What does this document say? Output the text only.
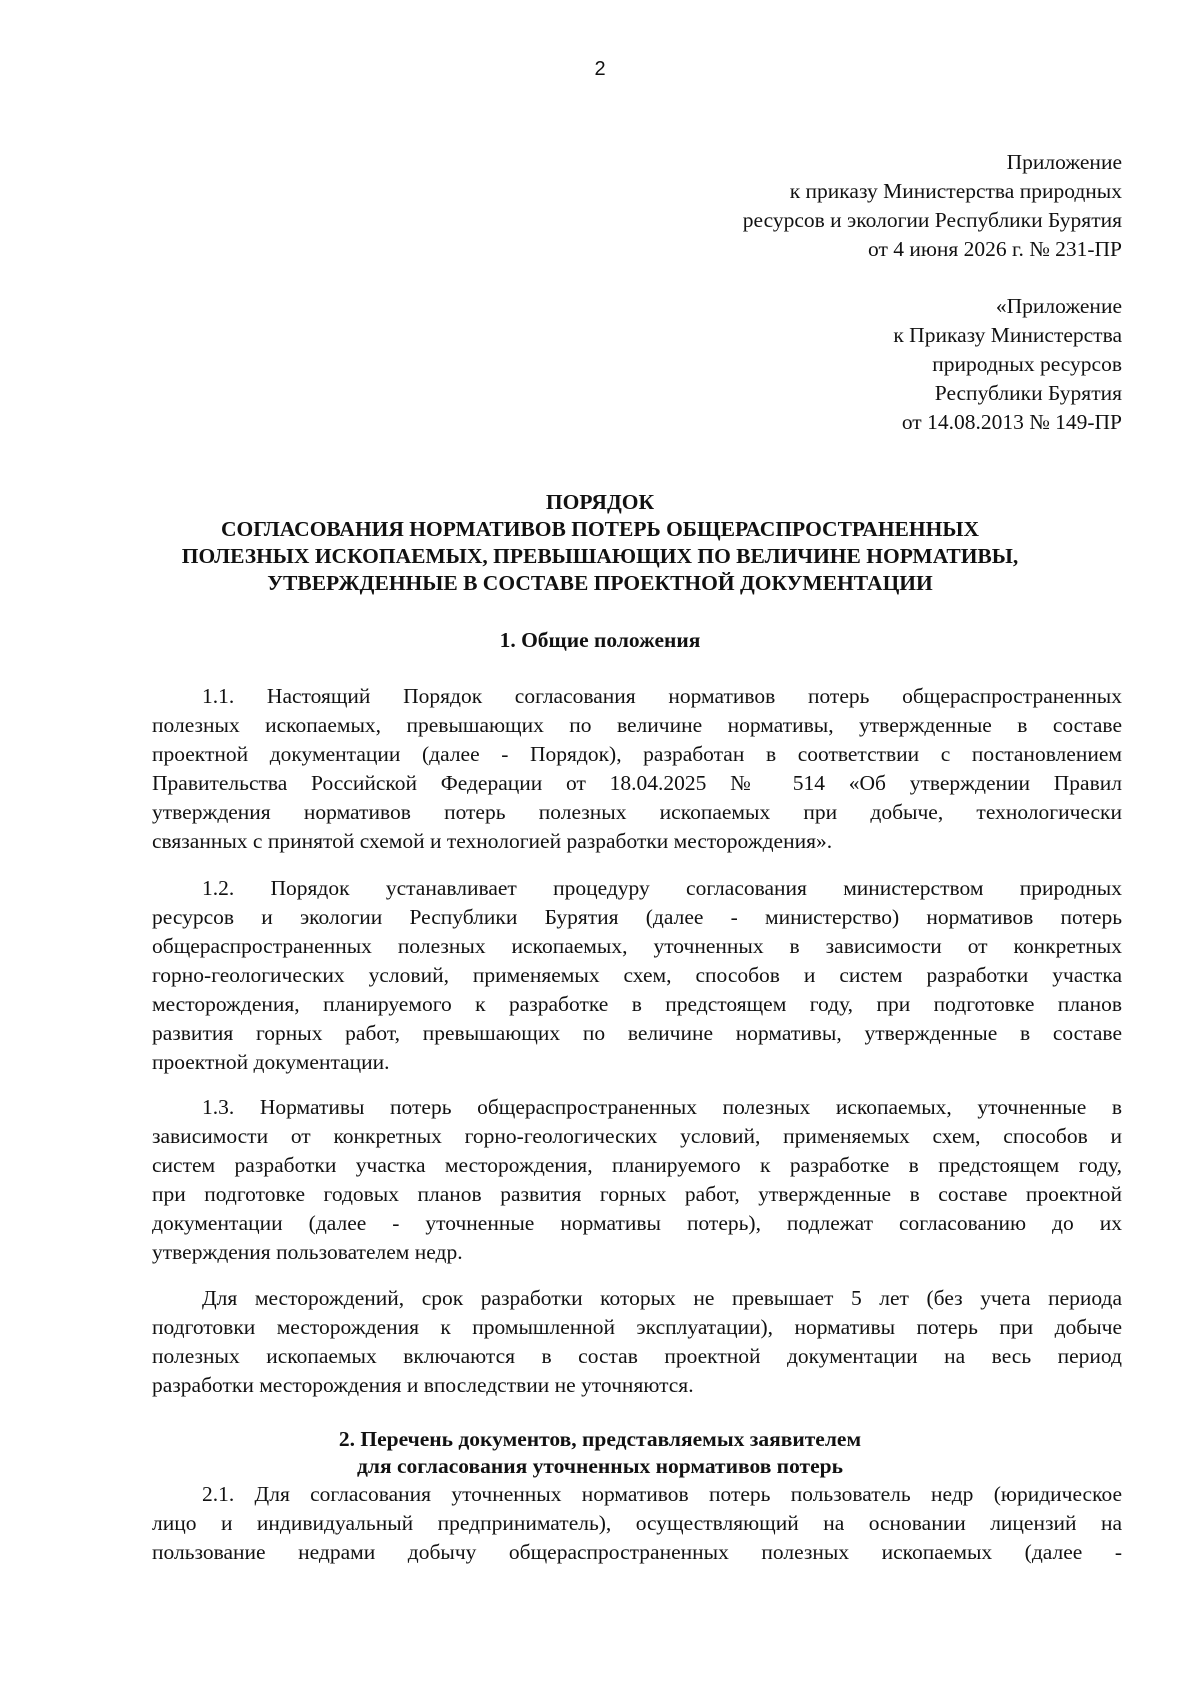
2
Приложение
к приказу Министерства природных
ресурсов и экологии Республики Бурятия
от 4 июня 2026 г. № 231-ПР
«Приложение
к Приказу Министерства
природных ресурсов
Республики Бурятия
от 14.08.2013 № 149-ПР
ПОРЯДОК
СОГЛАСОВАНИЯ НОРМАТИВОВ ПОТЕРЬ ОБЩЕРАСПРОСТРАНЕННЫХ
ПОЛЕЗНЫХ ИСКОПАЕМЫХ, ПРЕВЫШАЮЩИХ ПО ВЕЛИЧИНЕ НОРМАТИВЫ,
УТВЕРЖДЕННЫЕ В СОСТАВЕ ПРОЕКТНОЙ ДОКУМЕНТАЦИИ
1. Общие положения
1.1. Настоящий Порядок согласования нормативов потерь общераспространенных
полезных ископаемых, превышающих по величине нормативы, утвержденные в составе
проектной документации (далее - Порядок), разработан в соответствии с постановлением
Правительства Российской Федерации от 18.04.2025 № 514 «Об утверждении Правил
утверждения нормативов потерь полезных ископаемых при добыче, технологически
связанных с принятой схемой и технологией разработки месторождения».
1.2. Порядок устанавливает процедуру согласования министерством природных
ресурсов и экологии Республики Бурятия (далее - министерство) нормативов потерь
общераспространенных полезных ископаемых, уточненных в зависимости от конкретных
горно-геологических условий, применяемых схем, способов и систем разработки участка
месторождения, планируемого к разработке в предстоящем году, при подготовке планов
развития горных работ, превышающих по величине нормативы, утвержденные в составе
проектной документации.
1.3. Нормативы потерь общераспространенных полезных ископаемых, уточненные в
зависимости от конкретных горно-геологических условий, применяемых схем, способов и
систем разработки участка месторождения, планируемого к разработке в предстоящем году,
при подготовке годовых планов развития горных работ, утвержденные в составе проектной
документации (далее - уточненные нормативы потерь), подлежат согласованию до их
утверждения пользователем недр.
Для месторождений, срок разработки которых не превышает 5 лет (без учета периода
подготовки месторождения к промышленной эксплуатации), нормативы потерь при добыче
полезных ископаемых включаются в состав проектной документации на весь период
разработки месторождения и впоследствии не уточняются.
2. Перечень документов, представляемых заявителем
для согласования уточненных нормативов потерь
2.1. Для согласования уточненных нормативов потерь пользователь недр (юридическое
лицо и индивидуальный предприниматель), осуществляющий на основании лицензий на
пользование недрами добычу общераспространенных полезных ископаемых (далее -
